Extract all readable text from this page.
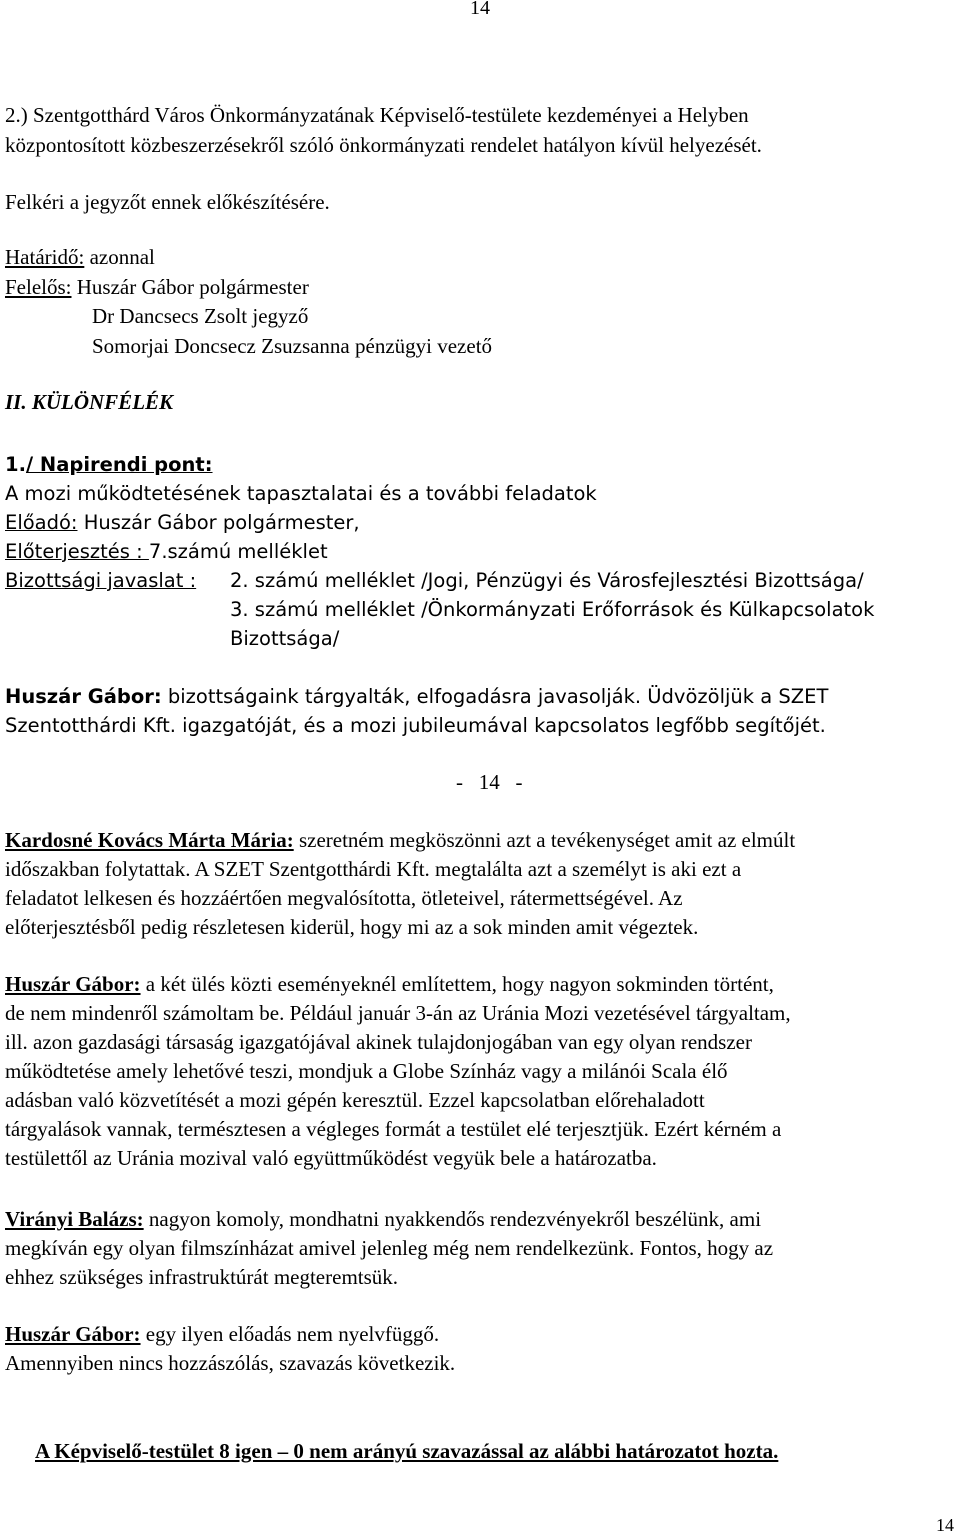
14
2.) Szentgotthárd Város Önkormányzatának Képviselő-testülete kezdeményei a Helyben
központosított közbeszerzésekről szóló önkormányzati rendelet hatályon kívül helyezését.
Felkéri a jegyzőt ennek előkészítésére.
Határidő: azonnal
Felelős: Huszár Gábor polgármester
Dr Dancsecs Zsolt jegyző
Somorjai Doncsecz Zsuzsanna pénzügyi vezető
II. KÜLÖNFÉLÉK
1./ Napirendi pont:
A mozi működtetésének tapasztalatai és a további feladatok
Előadó: Huszár Gábor polgármester,
Előterjesztés : 7.számú melléklet
Bizottsági javaslat : 2. számú melléklet /Jogi, Pénzügyi és Városfejlesztési Bizottsága/
3. számú melléklet /Önkormányzati Erőforrások és Külkapcsolatok
Bizottsága/
Huszár Gábor: bizottságaink tárgyalták, elfogadásra javasolják. Üdvözöljük a SZET
Szentotthárdi Kft. igazgatóját, és a mozi jubileumával kapcsolatos legfőbb segítőjét.
-   14   -
Kardosné Kovács Márta Mária: szeretném megköszönni azt a tevékenységet amit az elmúlt
időszakban folytattak. A SZET Szentgotthárdi Kft. megtalálta azt a személyt is aki ezt a
feladatot lelkesen és hozzáértően megvalósította, ötleteivel, rátermettségével. Az
előterjesztésből pedig részletesen kiderül, hogy mi az a sok minden amit végeztek.
Huszár Gábor: a két ülés közti eseményeknél említettem, hogy nagyon sokminden történt,
de nem mindenről számoltam be. Például január 3-án az Uránia Mozi vezetésével tárgyaltam,
ill. azon gazdasági társaság igazgatójával akinek tulajdonjogában van egy olyan rendszer
működtetése amely lehetővé teszi, mondjuk a Globe Színház vagy a milánói Scala élő
adásban való közvetítését a mozi gépén keresztül. Ezzel kapcsolatban előrehaladott
tárgyalások vannak, természtesen a végleges formát a testület elé terjesztjük. Ezért kérném a
testülettől az Uránia mozival való együttműködést vegyük bele a határozatba.
Virányi Balázs: nagyon komoly, mondhatni nyakkendős rendezvényekről beszélünk, ami
megkíván egy olyan filmszínházat amivel jelenleg még nem rendelkezünk. Fontos, hogy az
ehhez szükséges infrastruktúrát megteremtsük.
Huszár Gábor: egy ilyen előadás nem nyelvfüggő.
Amennyiben nincs hozzászólás, szavazás következik.
A Képviselő-testület 8 igen – 0 nem arányú szavazással az alábbi határozatot hozta.
14
